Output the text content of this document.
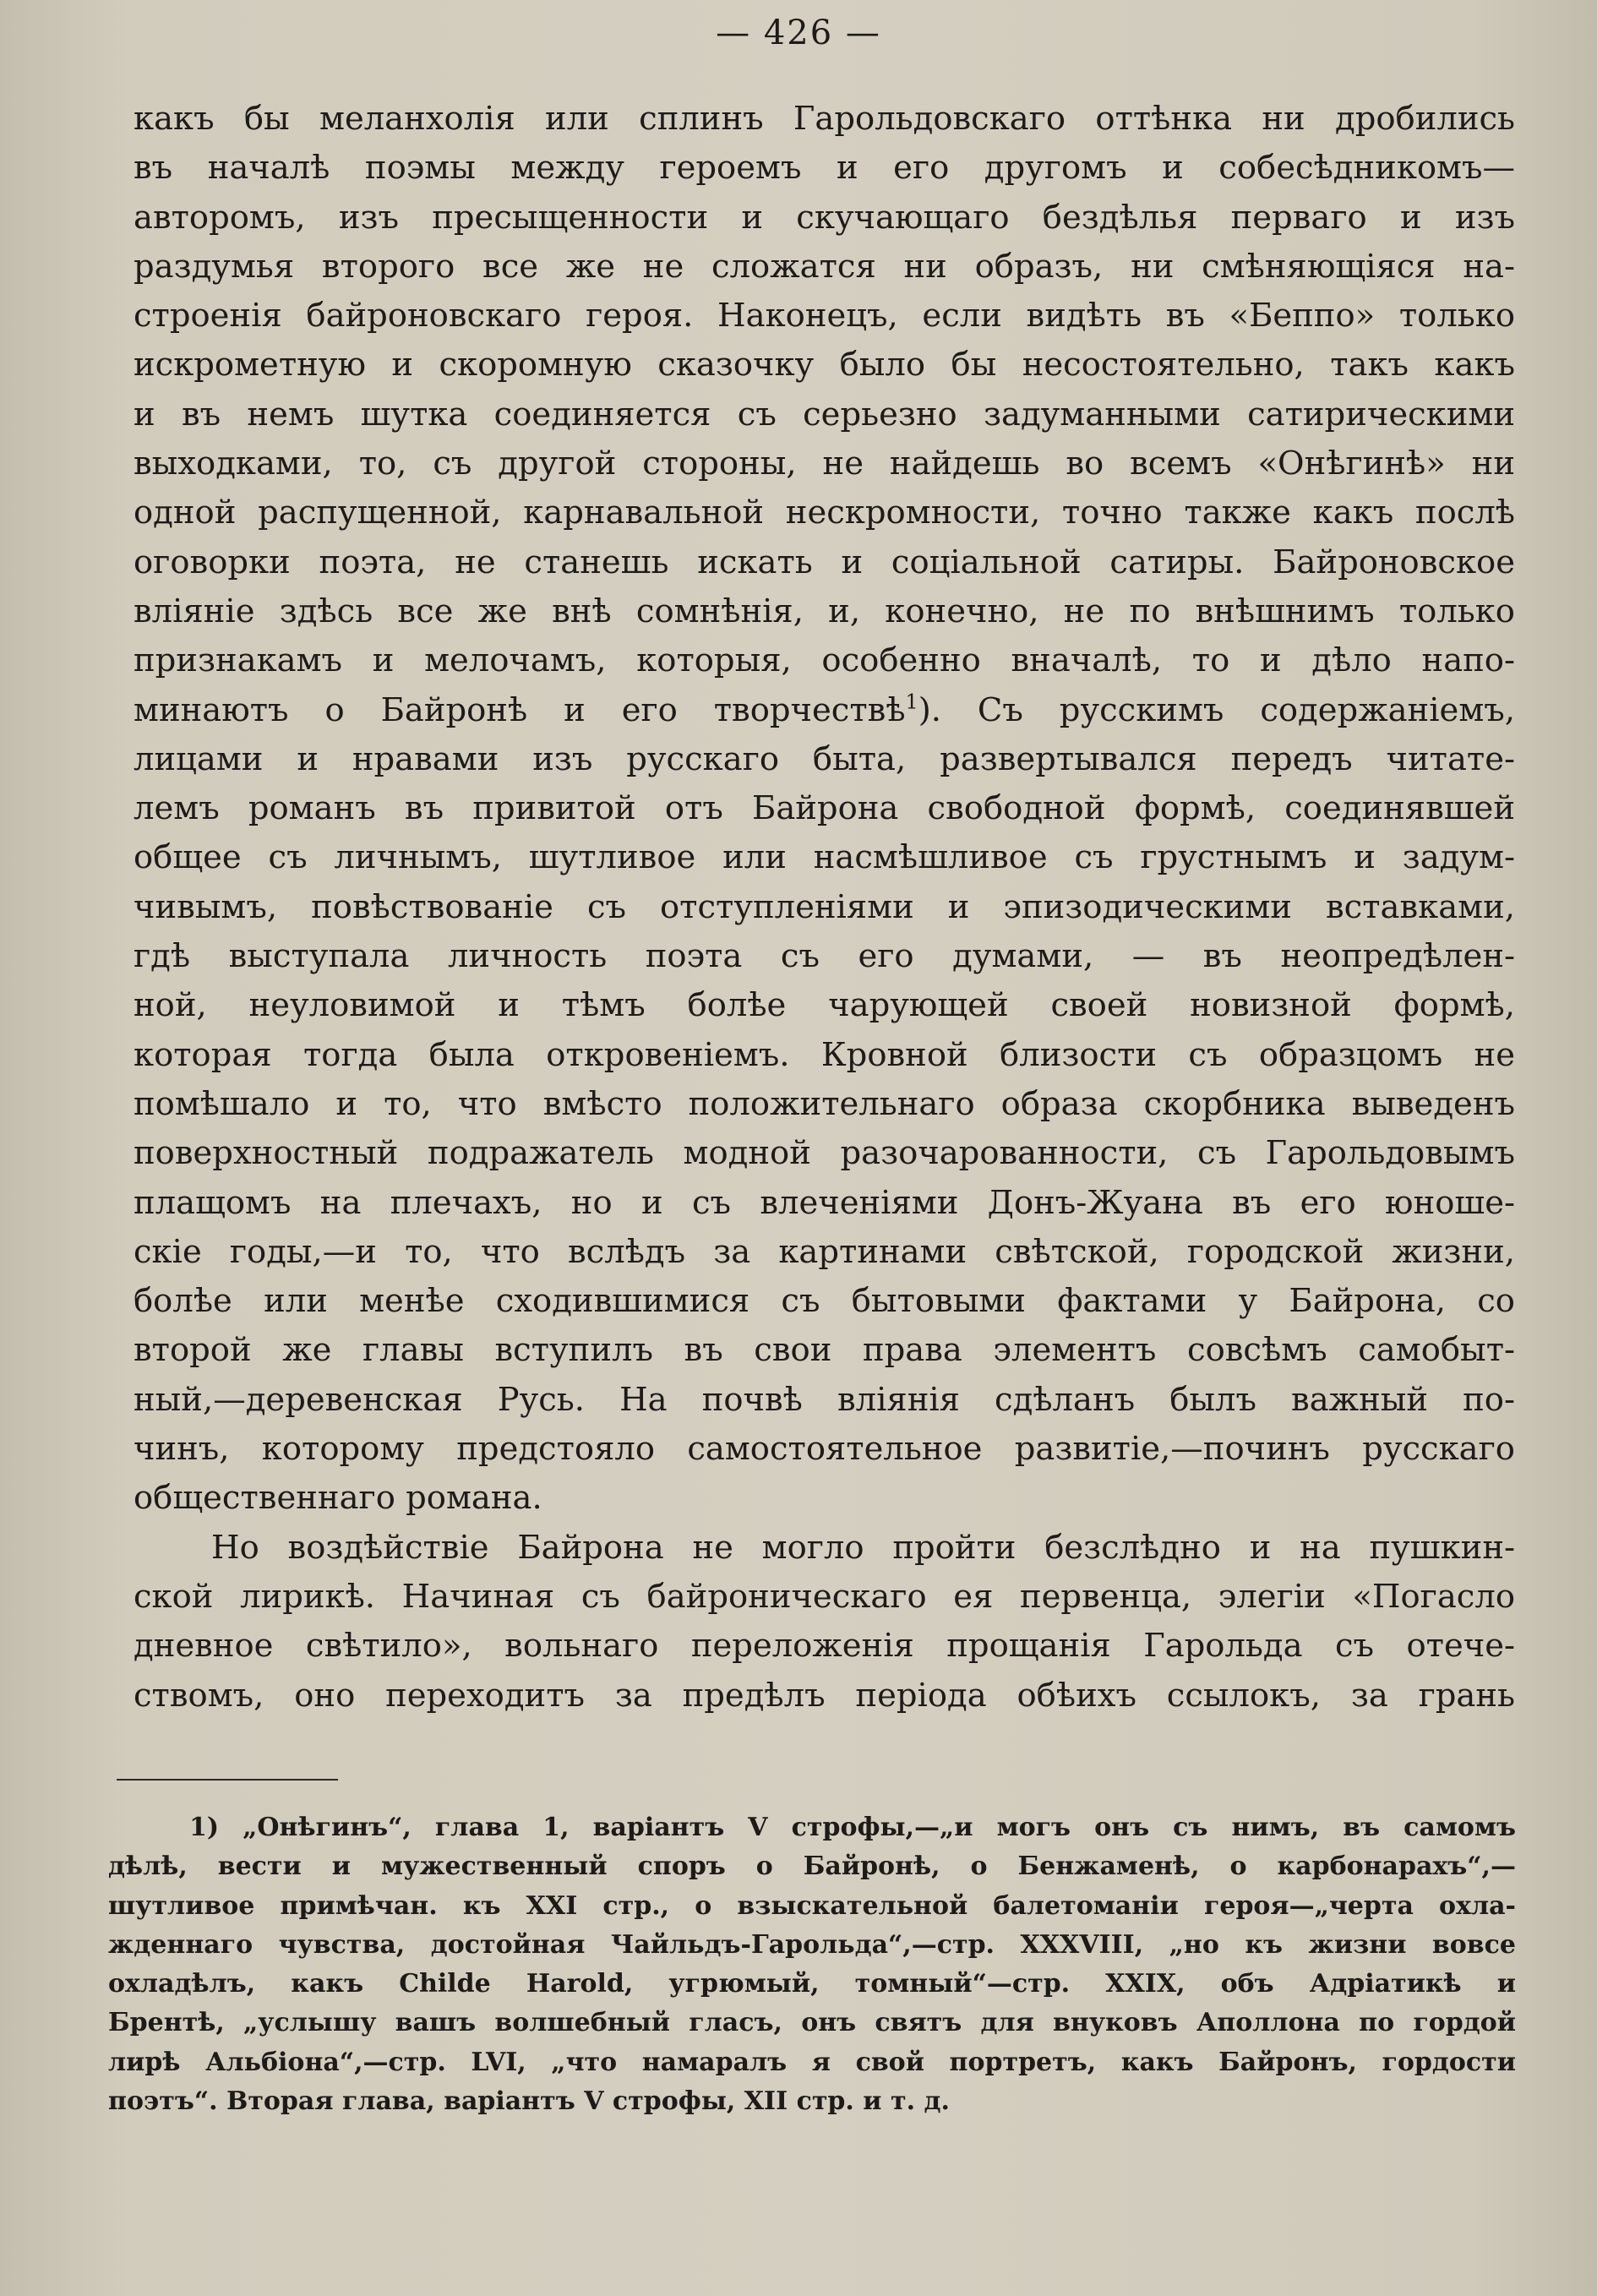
— 426 —
какъ бы меланхолія или сплинъ Гарольдовскаго оттѣнка ни дробились
въ началѣ поэмы между героемъ и его другомъ и собесѣдникомъ—
авторомъ, изъ пресыщенности и скучающаго бездѣлья перваго и изъ
раздумья второго все же не сложатся ни образъ, ни смѣняющіяся на-
строенія байроновскаго героя. Наконецъ, если видѣть въ «Беппо» только
искрометную и скоромную сказочку было бы несостоятельно, такъ какъ
и въ немъ шутка соединяется съ серьезно задуманными сатирическими
выходками, то, съ другой стороны, не найдешь во всемъ «Онѣгинѣ» ни
одной распущенной, карнавальной нескромности, точно также какъ послѣ
оговорки поэта, не станешь искать и соціальной сатиры. Байроновское
вліяніе здѣсь все же внѣ сомнѣнія, и, конечно, не по внѣшнимъ только
признакамъ и мелочамъ, которыя, особенно вначалѣ, то и дѣло напо-
минаютъ о Байронѣ и его творчествѣ$^1$). Съ русскимъ содержаніемъ,
лицами и нравами изъ русскаго быта, развертывался передъ читате-
лемъ романъ въ привитой отъ Байрона свободной формѣ, соединявшей
общее съ личнымъ, шутливое или насмѣшливое съ грустнымъ и задум-
чивымъ, повѣствованіе съ отступленіями и эпизодическими вставками,
гдѣ выступала личность поэта съ его думами, — въ неопредѣлен-
ной, неуловимой и тѣмъ болѣе чарующей своей новизной формѣ,
которая тогда была откровеніемъ. Кровной близости съ образцомъ не
помѣшало и то, что вмѣсто положительнаго образа скорбника выведенъ
поверхностный подражатель модной разочарованности, съ Гарольдовымъ
плащомъ на плечахъ, но и съ влеченіями Донъ-Жуана въ его юноше-
скіе годы,—и то, что вслѣдъ за картинами свѣтской, городской жизни,
болѣе или менѣе сходившимися съ бытовыми фактами у Байрона, со
второй же главы вступилъ въ свои права элементъ совсѣмъ самобыт-
ный,—деревенская Русь. На почвѣ вліянія сдѣланъ былъ важный по-
чинъ, которому предстояло самостоятельное развитіе,—починъ русскаго
общественнаго романа.
Но воздѣйствіе Байрона не могло пройти безслѣдно и на пушкин-
ской лирикѣ. Начиная съ байроническаго ея первенца, элегіи «Погасло
дневное свѣтило», вольнаго переложенія прощанія Гарольда съ отече-
ствомъ, оно переходитъ за предѣлъ періода обѣихъ ссылокъ, за грань
1) „Онѣгинъ“, глава 1, варіантъ V строфы,—„и могъ онъ съ нимъ, въ самомъ
дѣлѣ, вести и мужественный споръ о Байронѣ, о Бенжаменѣ, о карбонарахъ“,—
шутливое примѣчан. къ XXI стр., о взыскательной балетоманіи героя—„черта охла-
жденнаго чувства, достойная Чайльдъ-Гарольда“,—стр. XXXVIII, „но къ жизни вовсе
охладѣлъ, какъ Childe Harold, угрюмый, томный“—стр. XXIX, объ Адріатикѣ и
Брентѣ, „услышу вашъ волшебный гласъ, онъ святъ для внуковъ Аполлона по гордой
лирѣ Альбіона“,—стр. LVI, „что намаралъ я свой портретъ, какъ Байронъ, гордости
поэтъ“. Вторая глава, варіантъ V строфы, XII стр. и т. д.
